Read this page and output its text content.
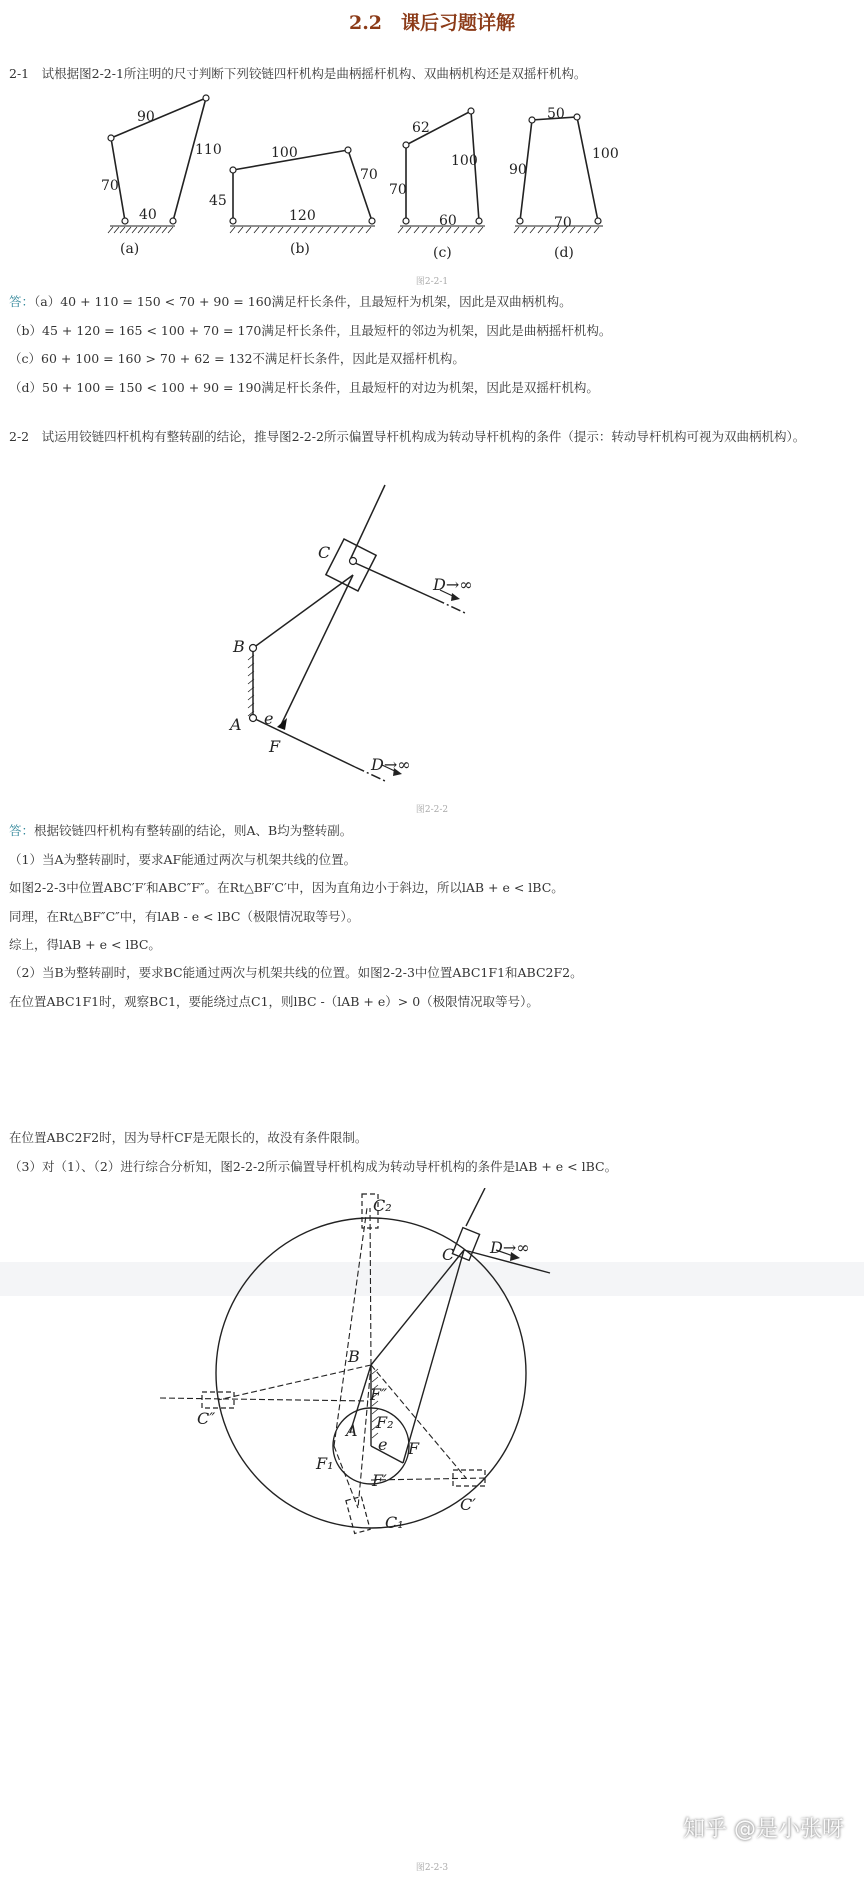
2.2　课后习题详解
2-1　试根据图2-2-1所注明的尺寸判断下列铰链四杆机构是曲柄摇杆机构、双曲柄机构还是双摇杆机构。
90
110
70
40
(a)
100
70
45
120
(b)
62
100
70
60
(c)
50
100
90
70
(d)
图2-2-1
答：（a）40 + 110 = 150 < 70 + 90 = 160满足杆长条件，且最短杆为机架，因此是双曲柄机构。
（b）45 + 120 = 165 < 100 + 70 = 170满足杆长条件，且最短杆的邻边为机架，因此是曲柄摇杆机构。
（c）60 + 100 = 160 > 70 + 62 = 132不满足杆长条件，因此是双摇杆机构。
（d）50 + 100 = 150 < 100 + 90 = 190满足杆长条件，且最短杆的对边为机架，因此是双摇杆机构。
2-2　试运用铰链四杆机构有整转副的结论，推导图2-2-2所示偏置导杆机构成为转动导杆机构的条件（提示：转动导杆机构可视为双曲柄机构）。
C
B
A
F
e
D→∞
D→∞
图2-2-2
答：根据铰链四杆机构有整转副的结论，则A、B均为整转副。
（1）当A为整转副时，要求AF能通过两次与机架共线的位置。
如图2-2-3中位置ABC′F′和ABC″F″。在Rt△BF′C′中，因为直角边小于斜边，所以lAB + e < lBC。
同理，在Rt△BF″C″中，有lAB - e < lBC（极限情况取等号）。
综上，得lAB + e < lBC。
（2）当B为整转副时，要求BC能通过两次与机架共线的位置。如图2-2-3中位置ABC1F1和ABC2F2。
在位置ABC1F1时，观察BC1，要能绕过点C1，则lBC -（lAB + e）> 0（极限情况取等号）。
在位置ABC2F2时，因为导杆CF是无限长的，故没有条件限制。
（3）对（1）、（2）进行综合分析知，图2-2-2所示偏置导杆机构成为转动导杆机构的条件是lAB + e < lBC。
C₂
C D→∞
B
C″
F″
A F₂
e F
F₁
F′
C′
C₁
图2-2-3
知乎 @是小张呀
